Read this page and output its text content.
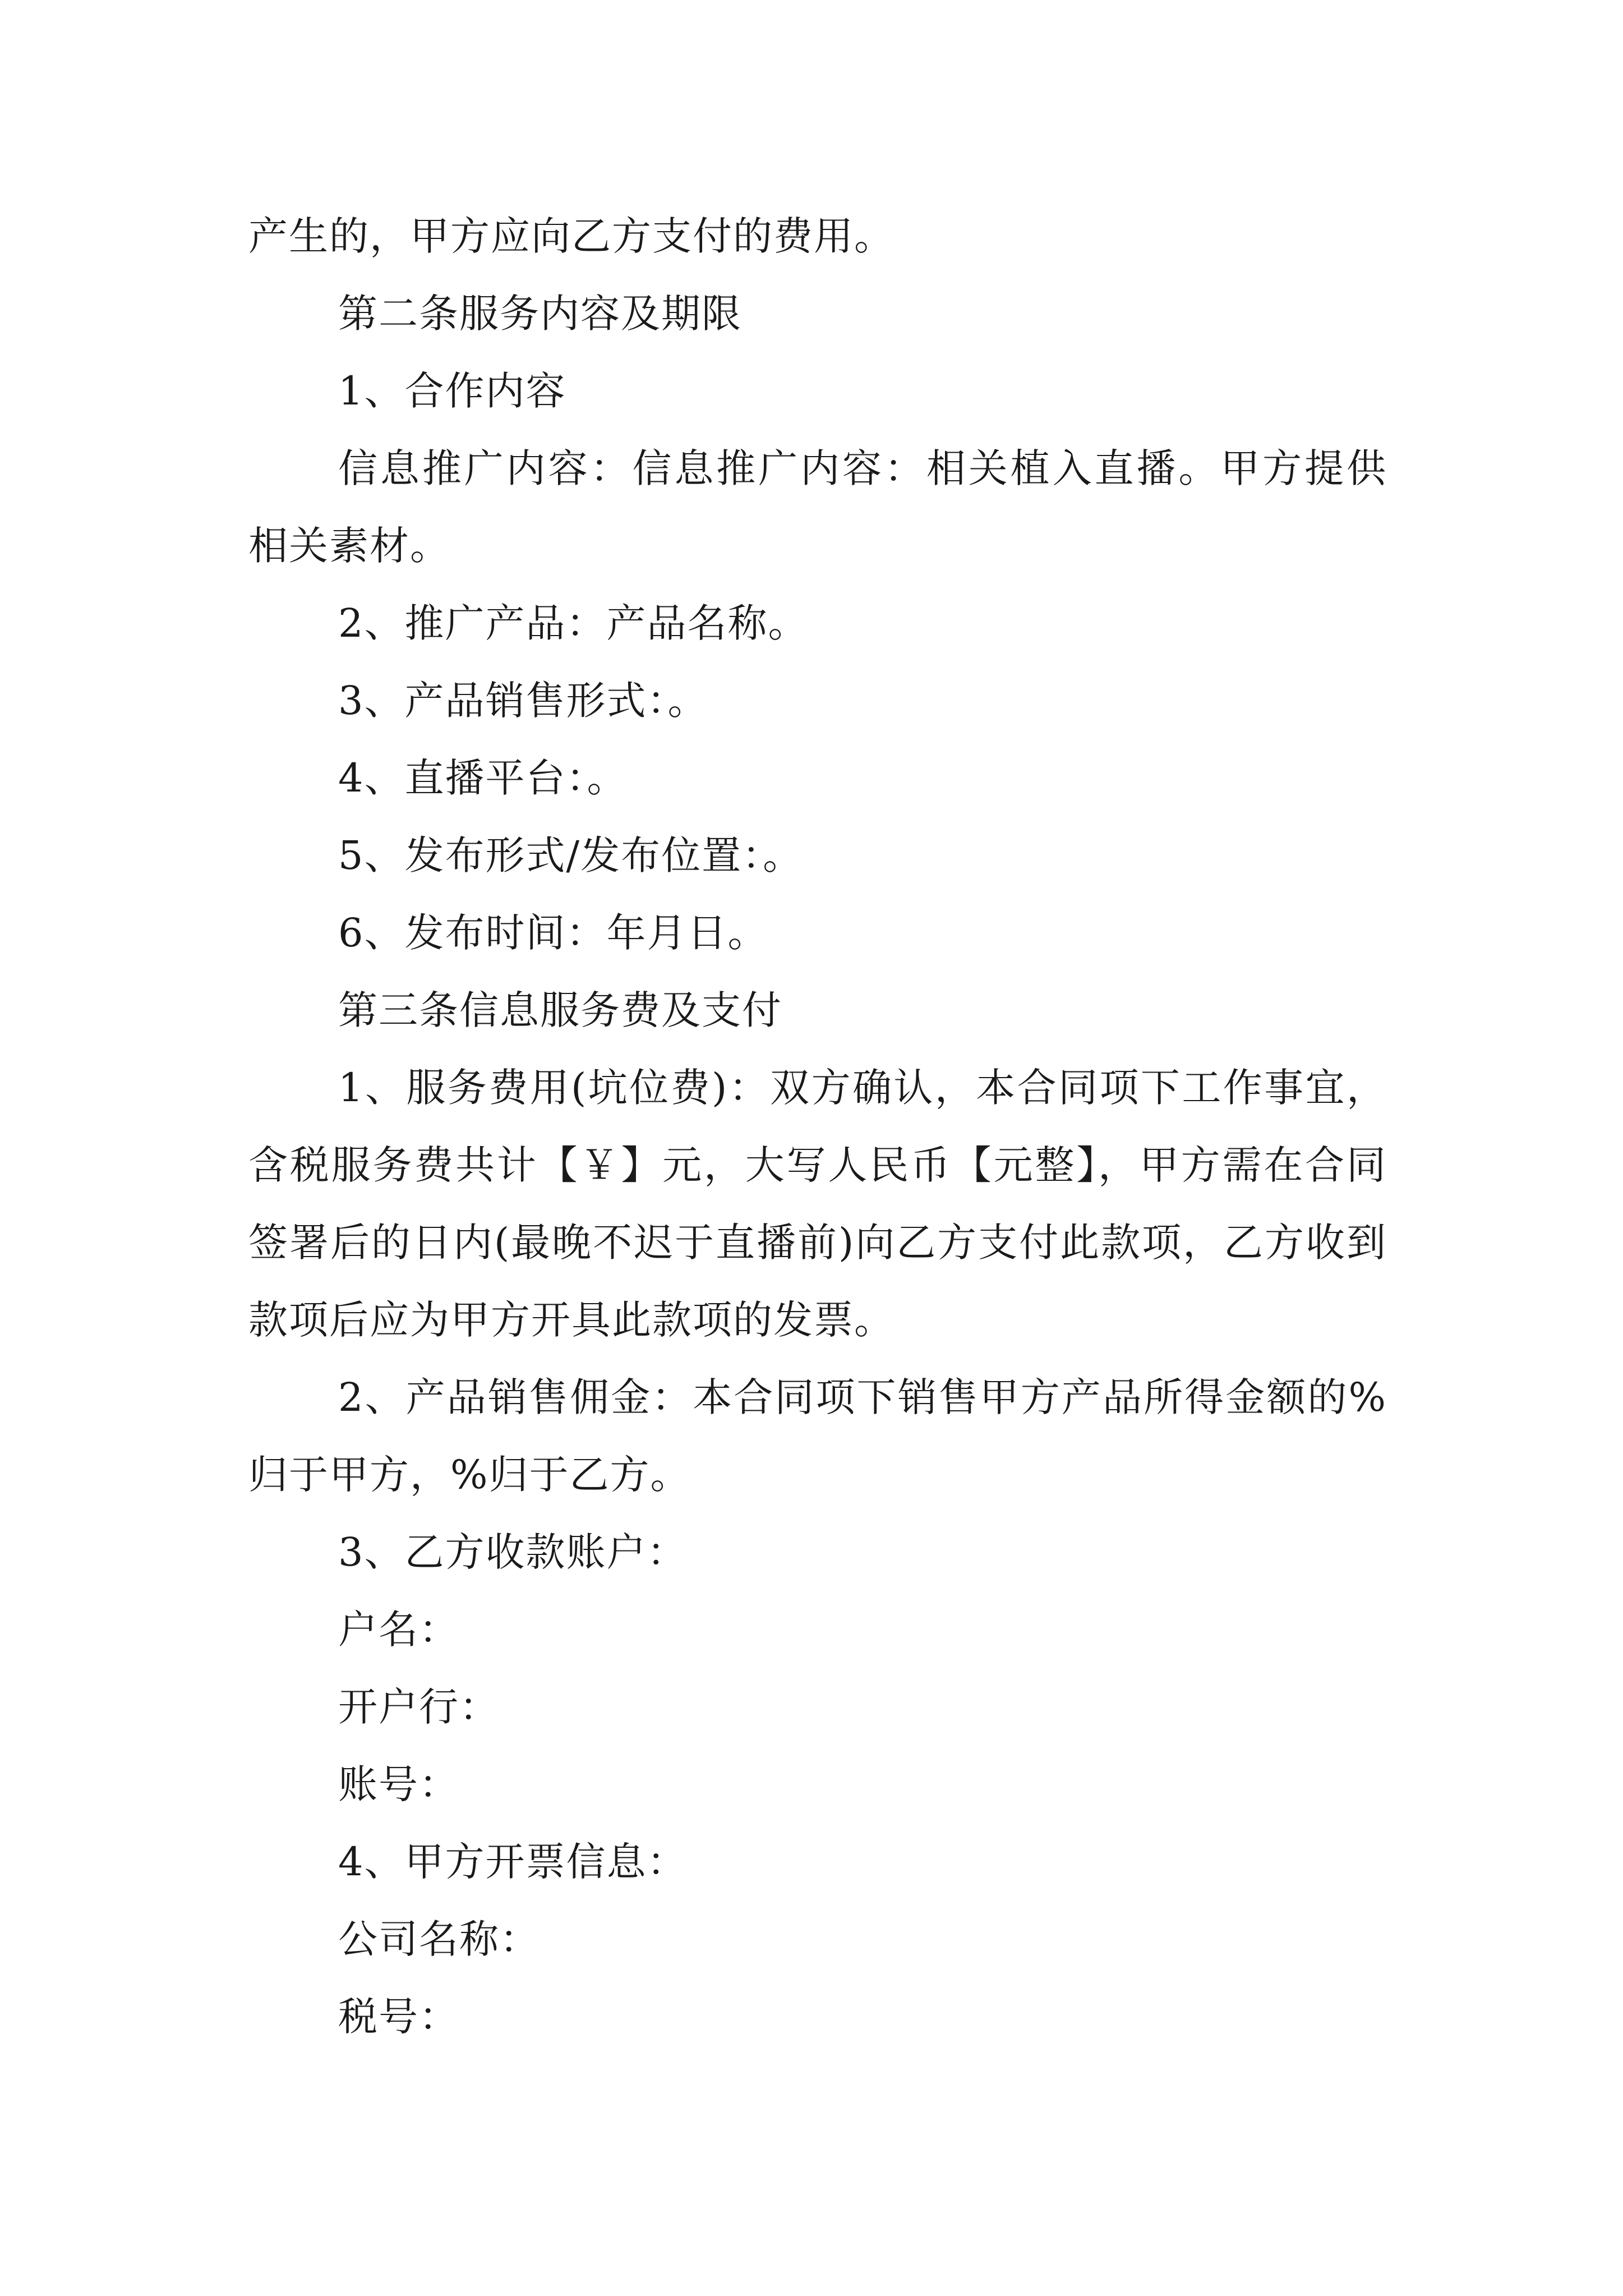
产生的，甲方应向乙方支付的费用。

第二条服务内容及期限

1、合作内容

信息推广内容：信息推广内容：相关植入直播。甲方提供相关素材。

2、推广产品：产品名称。

3、产品销售形式：。

4、直播平台：。

5、发布形式/发布位置：。

6、发布时间：年月日。

第三条信息服务费及支付

1、服务费用(坑位费)：双方确认，本合同项下工作事宜，含税服务费共计【￥】元，大写人民币【元整】，甲方需在合同签署后的日内(最晚不迟于直播前)向乙方支付此款项，乙方收到款项后应为甲方开具此款项的发票。

2、产品销售佣金：本合同项下销售甲方产品所得金额的%归于甲方，%归于乙方。

3、乙方收款账户：

户名：

开户行：

账号：

4、甲方开票信息：

公司名称：

税号：
